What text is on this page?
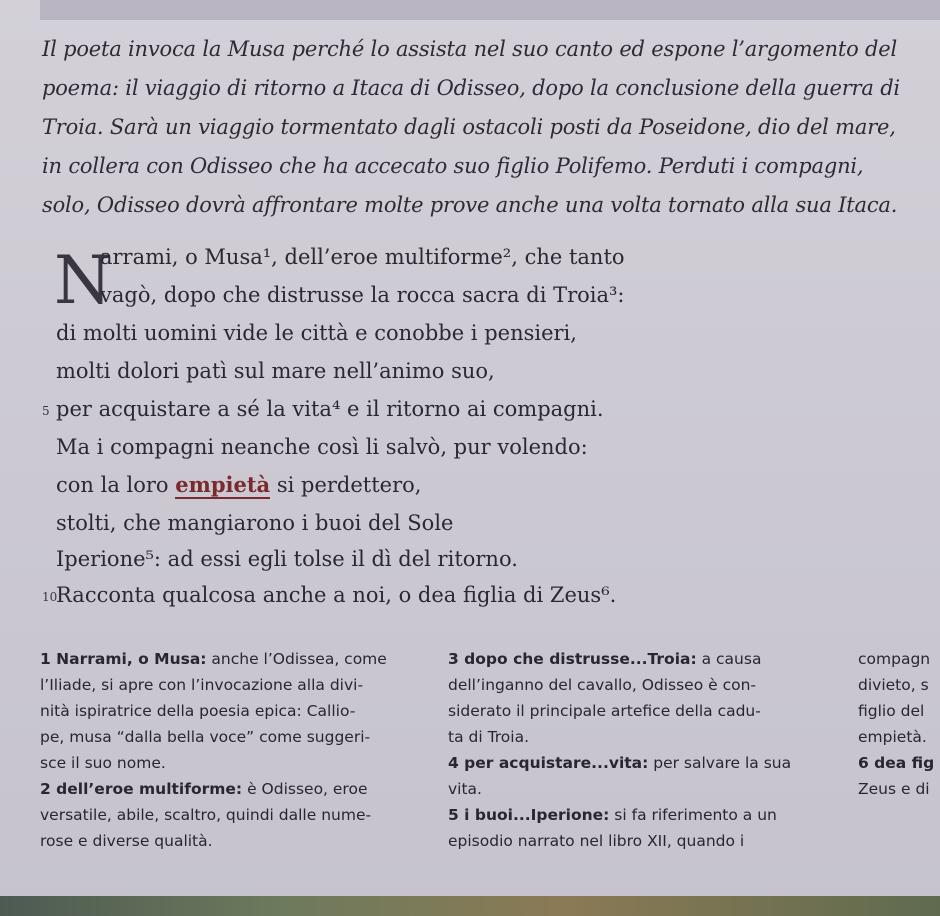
Il poeta invoca la Musa perché lo assista nel suo canto ed espone l’argomento del
poema: il viaggio di ritorno a Itaca di Odisseo, dopo la conclusione della guerra di
Troia. Sarà un viaggio tormentato dagli ostacoli posti da Poseidone, dio del mare,
in collera con Odisseo che ha accecato suo figlio Polifemo. Perduti i compagni,
solo, Odisseo dovrà affrontare molte prove anche una volta tornato alla sua Itaca.
N
arrami, o Musa¹, dell’eroe multiforme², che tanto
vagò, dopo che distrusse la rocca sacra di Troia³:
di molti uomini vide le città e conobbe i pensieri,
molti dolori patì sul mare nell’animo suo,
5 per acquistare a sé la vita⁴ e il ritorno ai compagni.
Ma i compagni neanche così li salvò, pur volendo:
con la loro empietà si perdettero,
stolti, che mangiarono i buoi del Sole
Iperione⁵: ad essi egli tolse il dì del ritorno.
10
Racconta qualcosa anche a noi, o dea figlia di Zeus⁶.
1 Narrami, o Musa: anche l’Odissea, come
l’Iliade, si apre con l’invocazione alla divi-
nità ispiratrice della poesia epica: Callio-
pe, musa “dalla bella voce” come suggeri-
sce il suo nome.
2 dell’eroe multiforme: è Odisseo, eroe
versatile, abile, scaltro, quindi dalle nume-
rose e diverse qualità.
3 dopo che distrusse...Troia: a causa
dell’inganno del cavallo, Odisseo è con-
siderato il principale artefice della cadu-
ta di Troia.
4 per acquistare...vita: per salvare la sua
vita.
5 i buoi...Iperione: si fa riferimento a un
episodio narrato nel libro XII, quando i
compagn
divieto, s
figlio del
empietà.
6 dea fig
Zeus e di
